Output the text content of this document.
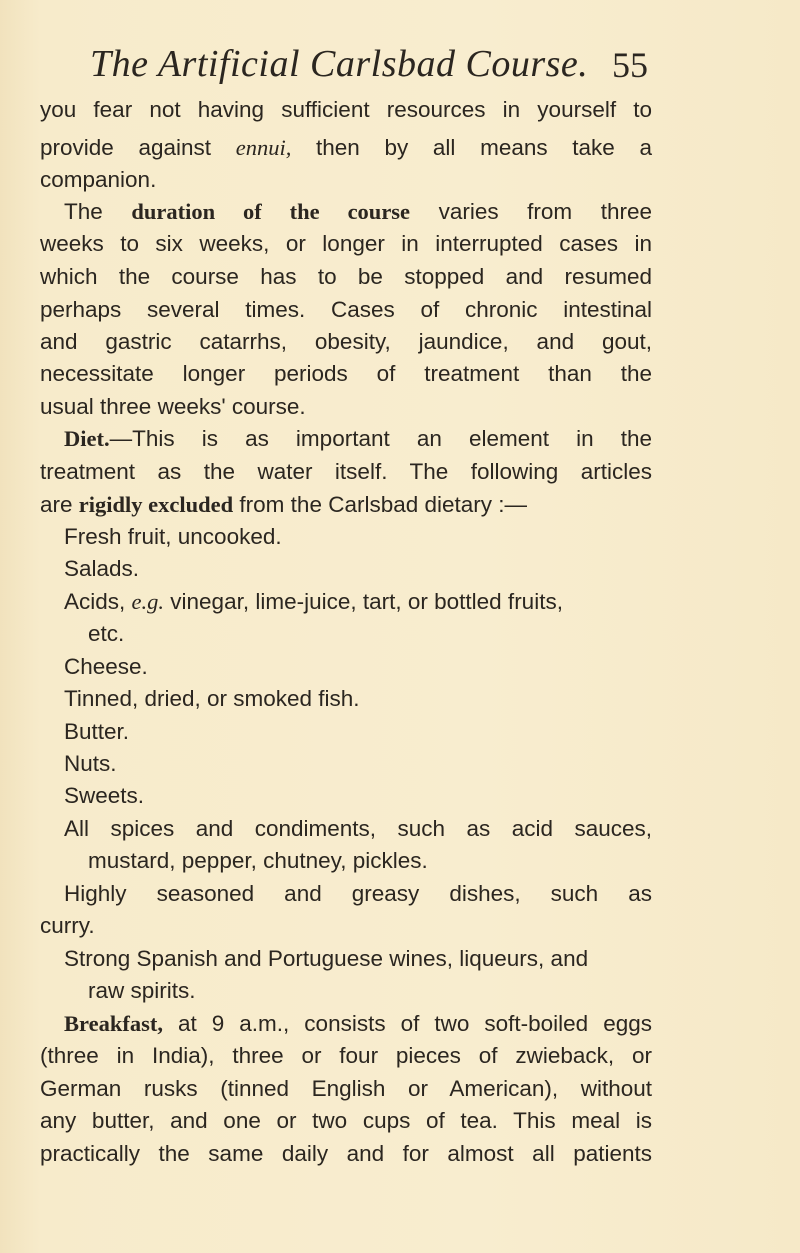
The Artificial Carlsbad Course. 55
you fear not having sufficient resources in yourself to
provide against ennui, then by all means take a
companion.
The duration of the course varies from three
weeks to six weeks, or longer in interrupted cases in
which the course has to be stopped and resumed
perhaps several times. Cases of chronic intestinal
and gastric catarrhs, obesity, jaundice, and gout,
necessitate longer periods of treatment than the
usual three weeks' course.
Diet.—This is as important an element in the
treatment as the water itself. The following articles
are rigidly excluded from the Carlsbad dietary :—
Fresh fruit, uncooked.
Salads.
Acids, e.g. vinegar, lime-juice, tart, or bottled fruits,
etc.
Cheese.
Tinned, dried, or smoked fish.
Butter.
Nuts.
Sweets.
All spices and condiments, such as acid sauces,
mustard, pepper, chutney, pickles.
Highly seasoned and greasy dishes, such as
curry.
Strong Spanish and Portuguese wines, liqueurs, and
raw spirits.
Breakfast, at 9 a.m., consists of two soft-boiled eggs
(three in India), three or four pieces of zwieback, or
German rusks (tinned English or American), without
any butter, and one or two cups of tea. This meal is
practically the same daily and for almost all patients
